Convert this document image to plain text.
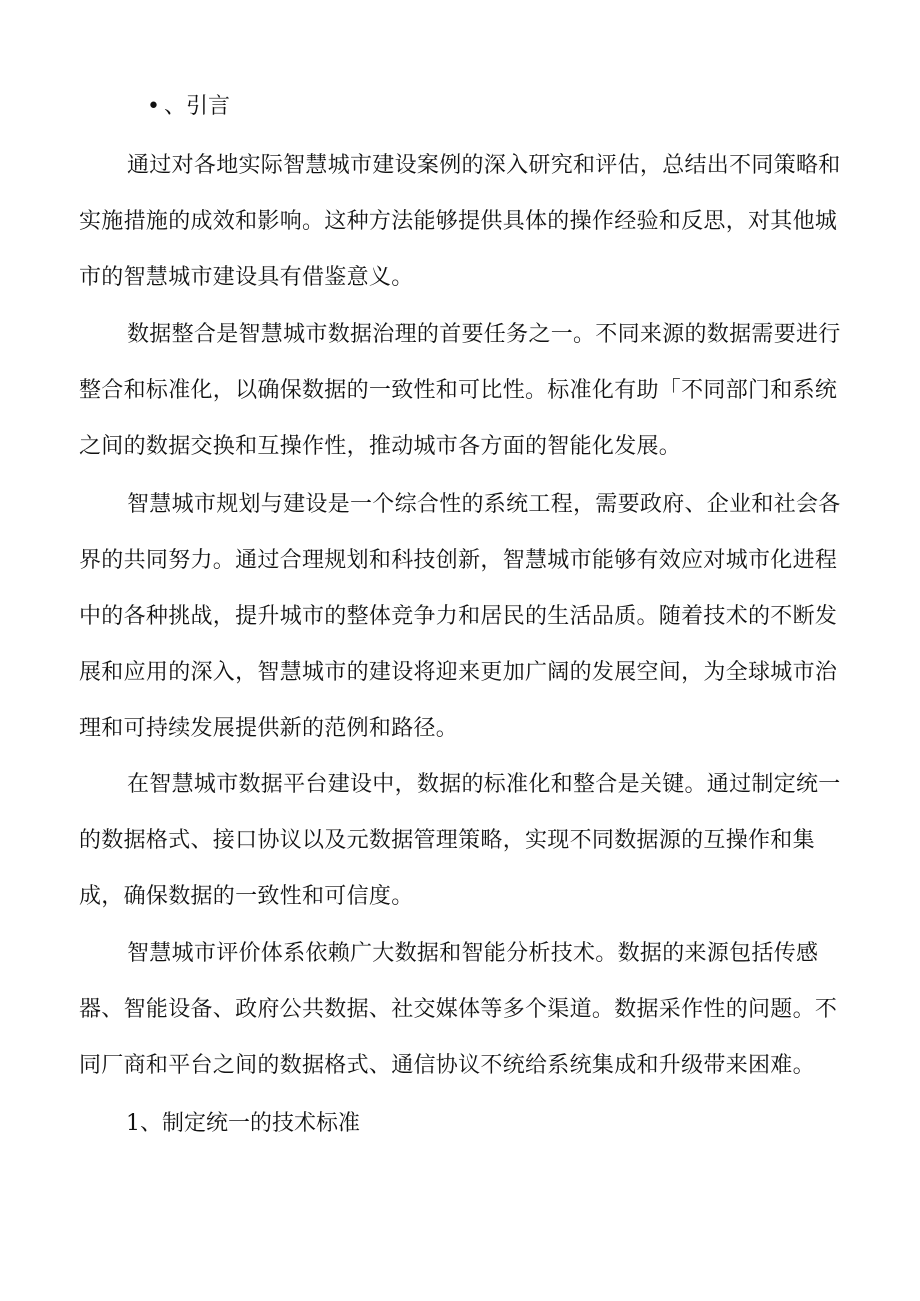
• 、引言

通过对各地实际智慧城市建设案例的深入研究和评估，总结出不同策略和实施措施的成效和影响。这种方法能够提供具体的操作经验和反思，对其他城市的智慧城市建设具有借鉴意义。

数据整合是智慧城市数据治理的首要任务之一。不同来源的数据需要进行整合和标准化，以确保数据的一致性和可比性。标准化有助「不同部门和系统之间的数据交换和互操作性，推动城市各方面的智能化发展。

智慧城市规划与建设是一个综合性的系统工程，需要政府、企业和社会各界的共同努力。通过合理规划和科技创新，智慧城市能够有效应对城市化进程中的各种挑战，提升城市的整体竞争力和居民的生活品质。随着技术的不断发展和应用的深入，智慧城市的建设将迎来更加广阔的发展空间，为全球城市治理和可持续发展提供新的范例和路径。

在智慧城市数据平台建设中，数据的标准化和整合是关键。通过制定统一的数据格式、接口协议以及元数据管理策略，实现不同数据源的互操作和集成，确保数据的一致性和可信度。

智慧城市评价体系依赖广大数据和智能分析技术。数据的来源包括传感器、智能设备、政府公共数据、社交媒体等多个渠道。数据采作性的问题。不同厂商和平台之间的数据格式、通信协议不统给系统集成和升级带来困难。

1、制定统一的技术标准
